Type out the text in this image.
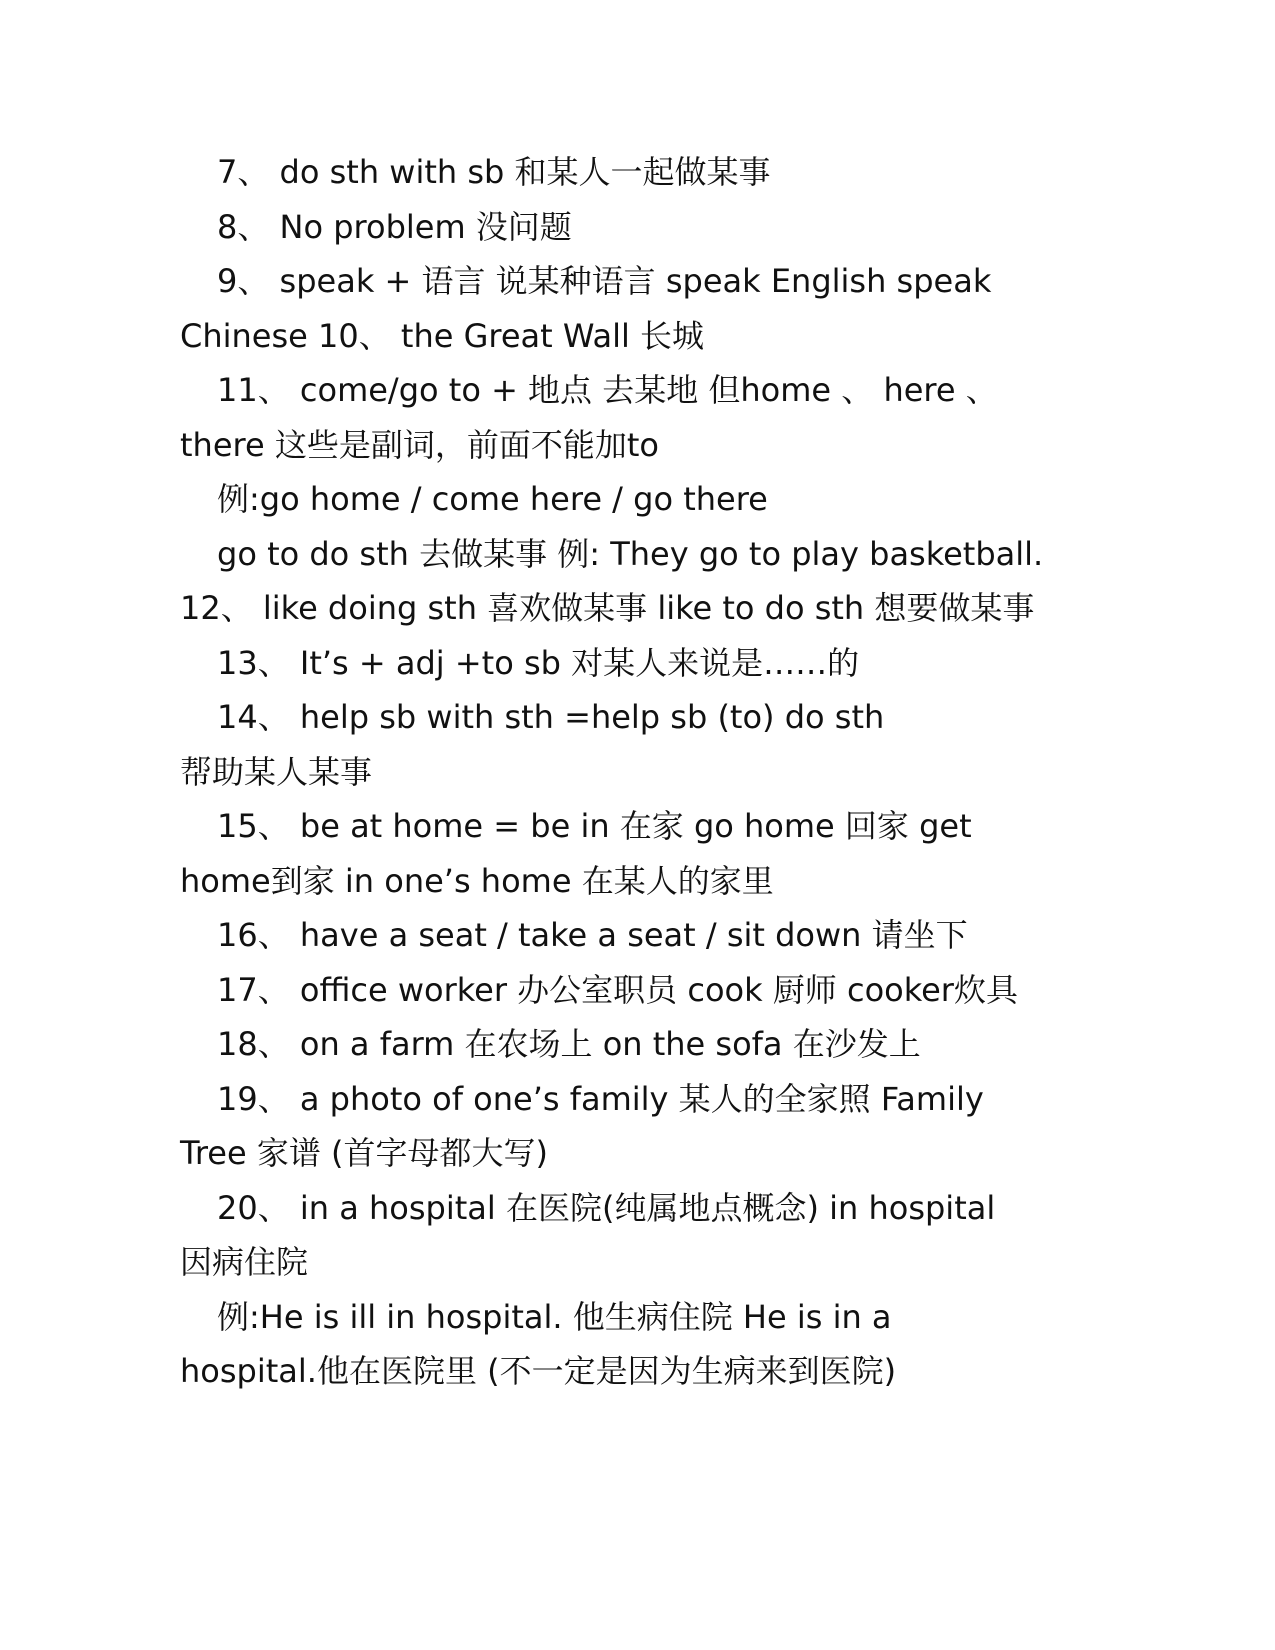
7、 do sth with sb 和某人一起做某事
8、 No problem 没问题
9、 speak + 语言 说某种语言 speak English speak
Chinese 10、 the Great Wall 长城
11、 come/go to + 地点 去某地 但home 、 here 、
there 这些是副词，前面不能加to
例:go home / come here / go there
go to do sth 去做某事 例: They go to play basketball.
12、 like doing sth 喜欢做某事 like to do sth 想要做某事
13、 It’s + adj +to sb 对某人来说是……的
14、 help sb with sth =help sb (to) do sth
帮助某人某事
15、 be at home = be in 在家 go home 回家 get
home到家 in one’s home 在某人的家里
16、 have a seat / take a seat / sit down 请坐下
17、 office worker 办公室职员 cook 厨师 cooker炊具
18、 on a farm 在农场上 on the sofa 在沙发上
19、 a photo of one’s family 某人的全家照 Family
Tree 家谱 (首字母都大写)
20、 in a hospital 在医院(纯属地点概念) in hospital
因病住院
例:He is ill in hospital. 他生病住院 He is in a
hospital.他在医院里 (不一定是因为生病来到医院)
